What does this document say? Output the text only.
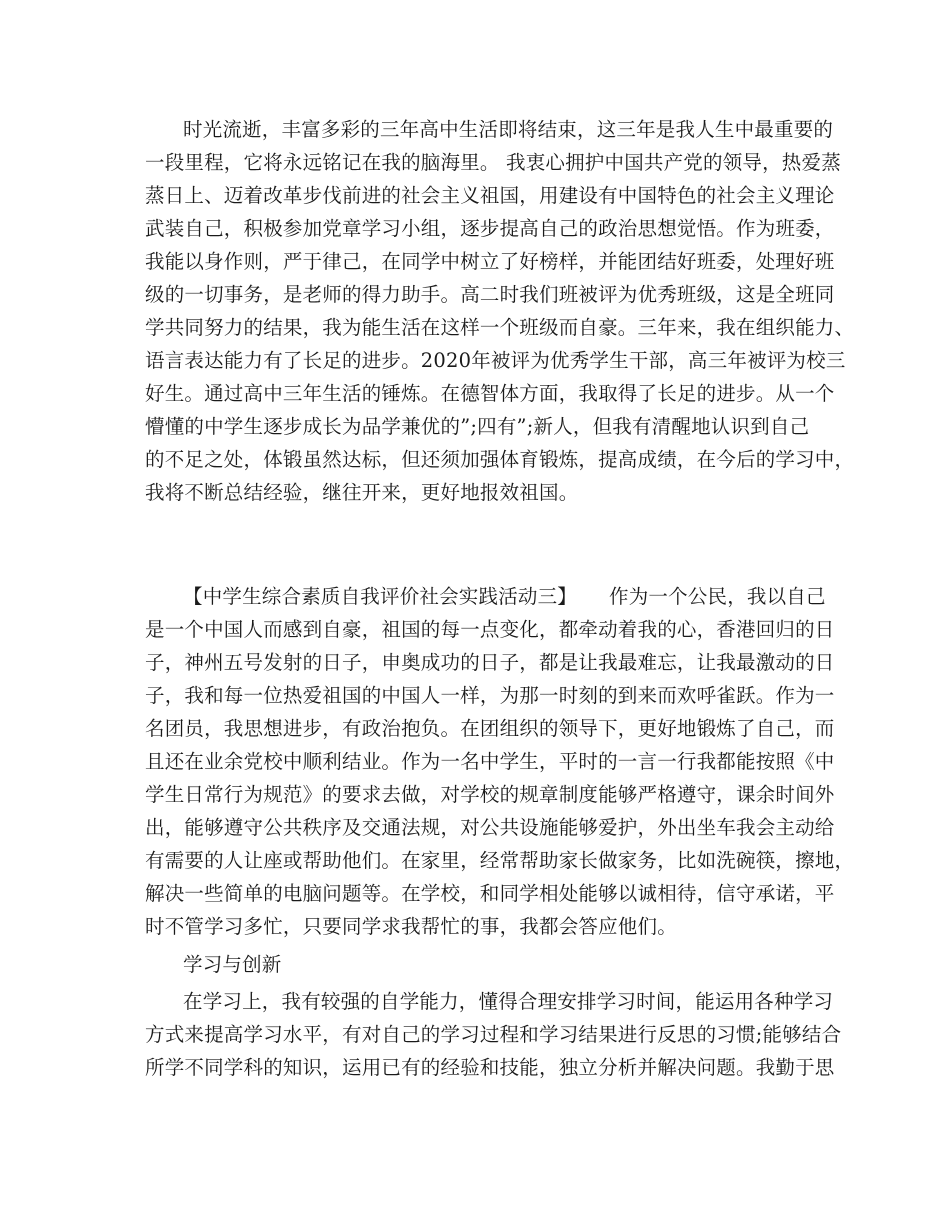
时光流逝，丰富多彩的三年高中生活即将结束，这三年是我人生中最重要的
一段里程，它将永远铭记在我的脑海里。 我衷心拥护中国共产党的领导，热爱蒸
蒸日上、迈着改革步伐前进的社会主义祖国，用建设有中国特色的社会主义理论
武装自己，积极参加党章学习小组，逐步提高自己的政治思想觉悟。作为班委，
我能以身作则，严于律己，在同学中树立了好榜样，并能团结好班委，处理好班
级的一切事务，是老师的得力助手。高二时我们班被评为优秀班级，这是全班同
学共同努力的结果，我为能生活在这样一个班级而自豪。三年来，我在组织能力、
语言表达能力有了长足的进步。2020年被评为优秀学生干部，高三年被评为校三
好生。通过高中三年生活的锤炼。在德智体方面，我取得了长足的进步。从一个
懵懂的中学生逐步成长为品学兼优的”;四有”;新人，但我有清醒地认识到自己
的不足之处，体锻虽然达标，但还须加强体育锻炼，提高成绩，在今后的学习中，
我将不断总结经验，继往开来，更好地报效祖国。
【中学生综合素质自我评价社会实践活动三】     作为一个公民，我以自己
是一个中国人而感到自豪，祖国的每一点变化，都牵动着我的心，香港回归的日
子，神州五号发射的日子，申奥成功的日子，都是让我最难忘，让我最激动的日
子，我和每一位热爱祖国的中国人一样，为那一时刻的到来而欢呼雀跃。作为一
名团员，我思想进步，有政治抱负。在团组织的领导下，更好地锻炼了自己，而
且还在业余党校中顺利结业。作为一名中学生，平时的一言一行我都能按照《中
学生日常行为规范》的要求去做，对学校的规章制度能够严格遵守，课余时间外
出，能够遵守公共秩序及交通法规，对公共设施能够爱护，外出坐车我会主动给
有需要的人让座或帮助他们。在家里，经常帮助家长做家务，比如洗碗筷，擦地，
解决一些简单的电脑问题等。在学校，和同学相处能够以诚相待，信守承诺，平
时不管学习多忙，只要同学求我帮忙的事，我都会答应他们。
学习与创新
在学习上，我有较强的自学能力，懂得合理安排学习时间，能运用各种学习
方式来提高学习水平，有对自己的学习过程和学习结果进行反思的习惯;能够结合
所学不同学科的知识，运用已有的经验和技能，独立分析并解决问题。我勤于思
